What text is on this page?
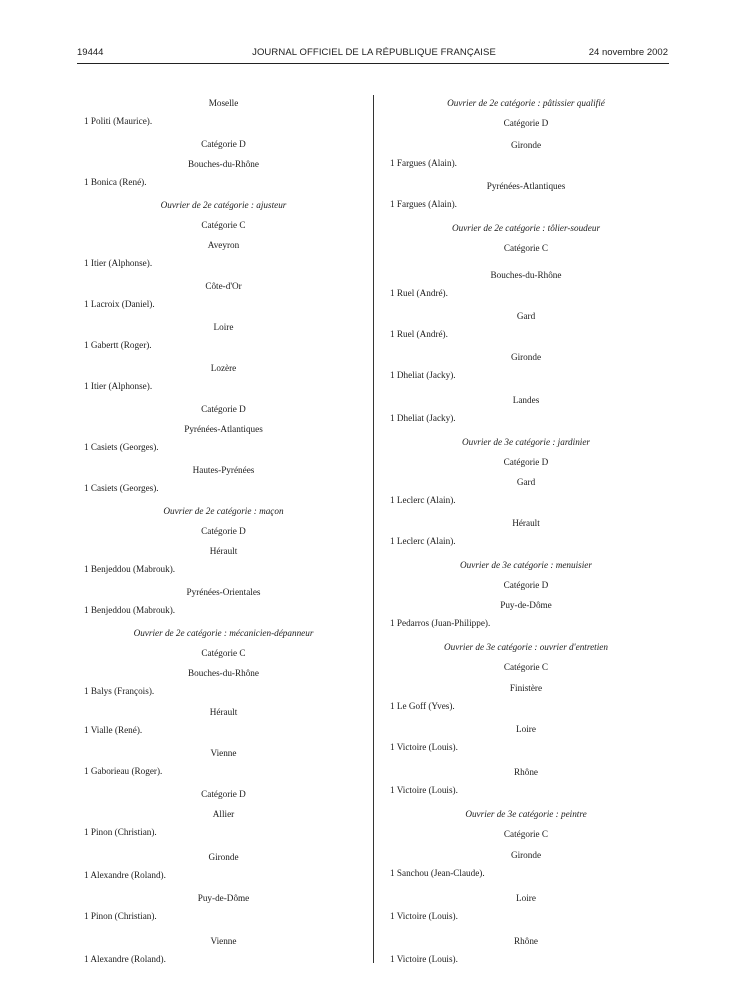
19444	JOURNAL OFFICIEL DE LA RÉPUBLIQUE FRANÇAISE	24 novembre 2002
Moselle
1 Politi (Maurice).
Catégorie D
Bouches-du-Rhône
1 Bonica (René).
Ouvrier de 2e catégorie : ajusteur
Catégorie C
Aveyron
1 Itier (Alphonse).
Côte-d'Or
1 Lacroix (Daniel).
Loire
1 Gabertt (Roger).
Lozère
1 Itier (Alphonse).
Catégorie D
Pyrénées-Atlantiques
1 Casiets (Georges).
Hautes-Pyrénées
1 Casiets (Georges).
Ouvrier de 2e catégorie : maçon
Catégorie D
Hérault
1 Benjeddou (Mabrouk).
Pyrénées-Orientales
1 Benjeddou (Mabrouk).
Ouvrier de 2e catégorie : mécanicien-dépanneur
Catégorie C
Bouches-du-Rhône
1 Balys (François).
Hérault
1 Vialle (René).
Vienne
1 Gaborieau (Roger).
Catégorie D
Allier
1 Pinon (Christian).
Gironde
1 Alexandre (Roland).
Puy-de-Dôme
1 Pinon (Christian).
Vienne
1 Alexandre (Roland).
Ouvrier de 2e catégorie : pâtissier qualifié
Catégorie D
Gironde
1 Fargues (Alain).
Pyrénées-Atlantiques
1 Fargues (Alain).
Ouvrier de 2e catégorie : tôlier-soudeur
Catégorie C
Bouches-du-Rhône
1 Ruel (André).
Gard
1 Ruel (André).
Gironde
1 Dheliat (Jacky).
Landes
1 Dheliat (Jacky).
Ouvrier de 3e catégorie : jardinier
Catégorie D
Gard
1 Leclerc (Alain).
Hérault
1 Leclerc (Alain).
Ouvrier de 3e catégorie : menuisier
Catégorie D
Puy-de-Dôme
1 Pedarros (Juan-Philippe).
Ouvrier de 3e catégorie : ouvrier d'entretien
Catégorie C
Finistère
1 Le Goff (Yves).
Loire
1 Victoire (Louis).
Rhône
1 Victoire (Louis).
Ouvrier de 3e catégorie : peintre
Catégorie C
Gironde
1 Sanchou (Jean-Claude).
Loire
1 Victoire (Louis).
Rhône
1 Victoire (Louis).
